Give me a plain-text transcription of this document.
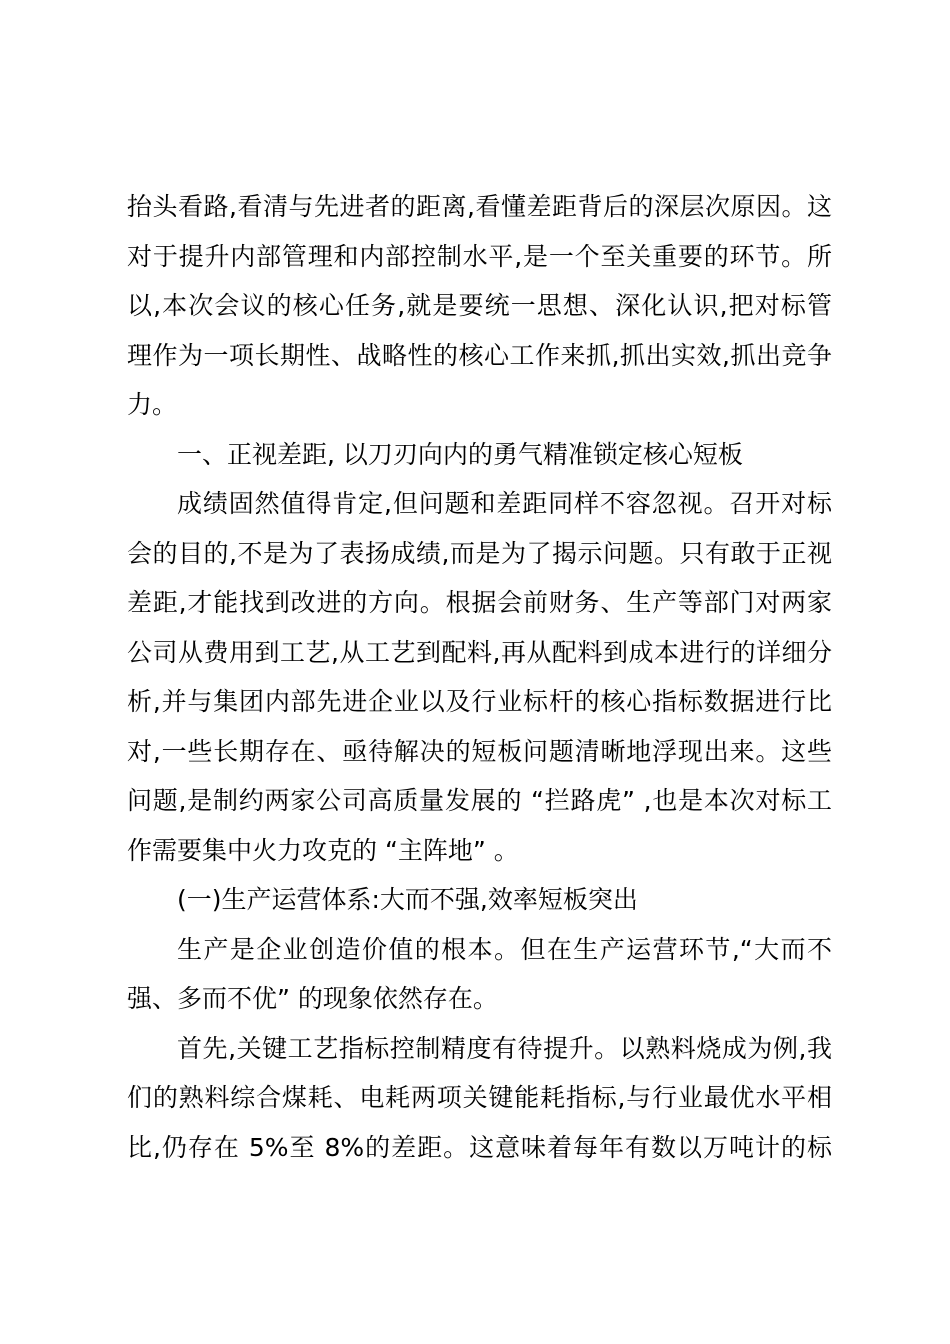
抬头看路,看清与先进者的距离,看懂差距背后的深层次原因。这
对于提升内部管理和内部控制水平,是一个至关重要的环节。所
以,本次会议的核心任务,就是要统一思想、深化认识,把对标管
理作为一项长期性、战略性的核心工作来抓,抓出实效,抓出竞争
力。
一、正视差距, 以刀刃向内的勇气精准锁定核心短板
成绩固然值得肯定,但问题和差距同样不容忽视。召开对标
会的目的,不是为了表扬成绩,而是为了揭示问题。只有敢于正视
差距,才能找到改进的方向。根据会前财务、生产等部门对两家
公司从费用到工艺,从工艺到配料,再从配料到成本进行的详细分
析,并与集团内部先进企业以及行业标杆的核心指标数据进行比
对,一些长期存在、亟待解决的短板问题清晰地浮现出来。这些
问题,是制约两家公司高质量发展的 “拦路虎” ,也是本次对标工
作需要集中火力攻克的 “主阵地” 。
(一)生产运营体系:大而不强,效率短板突出
生产是企业创造价值的根本。但在生产运营环节,“大而不
强、多而不优” 的现象依然存在。
首先,关键工艺指标控制精度有待提升。以熟料烧成为例,我
们的熟料综合煤耗、电耗两项关键能耗指标,与行业最优水平相
比,仍存在 5%至 8%的差距。这意味着每年有数以万吨计的标
